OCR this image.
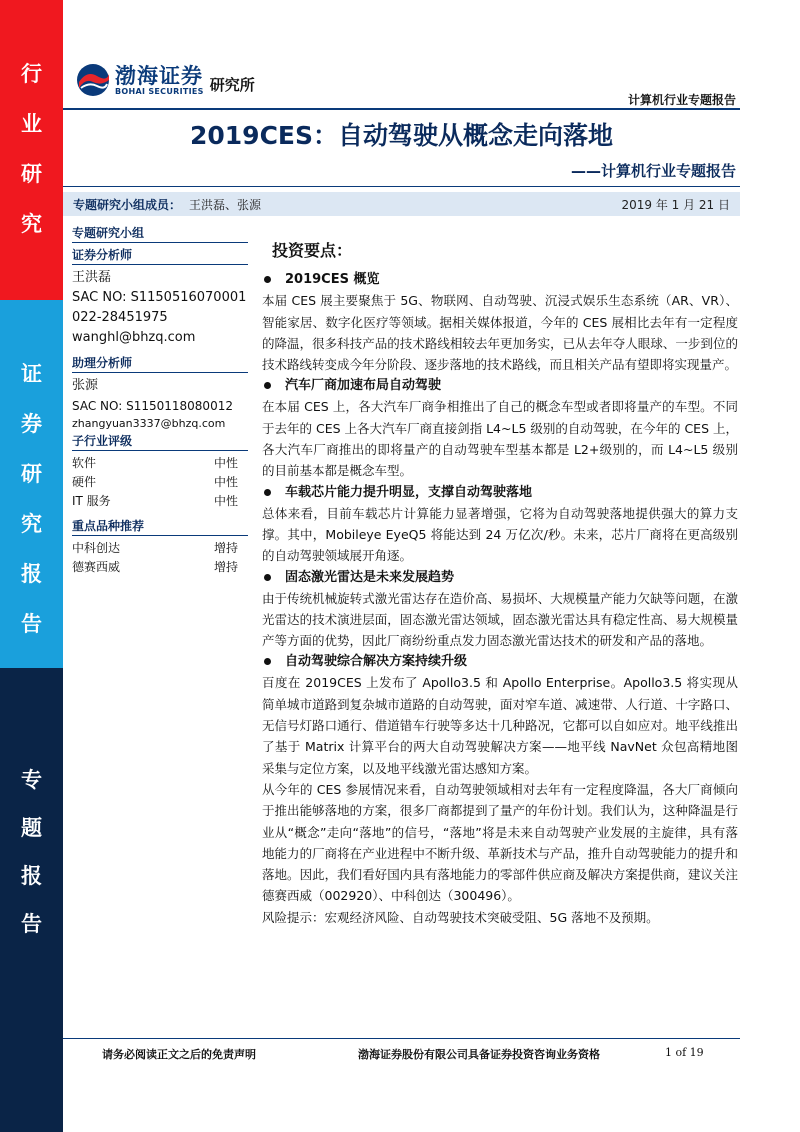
行
业
研
究
证
券
研
究
报
告
专
题
报
告
渤海证券
BOHAI SECURITIES 研究所
计算机行业专题报告
2019CES：自动驾驶从概念走向落地
——计算机行业专题报告
专题研究小组成员： 王洪磊、张源	2019 年 1 月 21 日
专题研究小组
证券分析师
王洪磊
SAC NO: S1150516070001
022-28451975
wanghl@bhzq.com
助理分析师
张源
SAC NO: S1150118080012
zhangyuan3337@bhzq.com
子行业评级
软件	中性
硬件	中性
IT 服务	中性
重点品种推荐
中科创达	增持
德赛西威	增持
投资要点：
2019CES 概览
本届 CES 展主要聚焦于 5G、物联网、自动驾驶、沉浸式娱乐生态系统（AR、VR）、智能家居、数字化医疗等领域。据相关媒体报道，今年的 CES 展相比去年有一定程度的降温，很多科技产品的技术路线相较去年更加务实，已从去年夺人眼球、一步到位的技术路线转变成今年分阶段、逐步落地的技术路线，而且相关产品有望即将实现量产。
汽车厂商加速布局自动驾驶
在本届 CES 上，各大汽车厂商争相推出了自己的概念车型或者即将量产的车型。不同于去年的 CES 上各大汽车厂商直接剑指 L4~L5 级别的自动驾驶，在今年的 CES 上，各大汽车厂商推出的即将量产的自动驾驶车型基本都是 L2+级别的，而 L4~L5 级别的目前基本都是概念车型。
车载芯片能力提升明显，支撑自动驾驶落地
总体来看，目前车载芯片计算能力显著增强，它将为自动驾驶落地提供强大的算力支撑。其中，Mobileye EyeQ5 将能达到 24 万亿次/秒。未来，芯片厂商将在更高级别的自动驾驶领域展开角逐。
固态激光雷达是未来发展趋势
由于传统机械旋转式激光雷达存在造价高、易损坏、大规模量产能力欠缺等问题，在激光雷达的技术演进层面，固态激光雷达领域，固态激光雷达具有稳定性高、易大规模量产等方面的优势，因此厂商纷纷重点发力固态激光雷达技术的研发和产品的落地。
自动驾驶综合解决方案持续升级
百度在 2019CES 上发布了 Apollo3.5 和 Apollo Enterprise。Apollo3.5 将实现从简单城市道路到复杂城市道路的自动驾驶，面对窄车道、减速带、人行道、十字路口、无信号灯路口通行、借道错车行驶等多达十几种路况，它都可以自如应对。地平线推出了基于 Matrix 计算平台的两大自动驾驶解决方案——地平线 NavNet 众包高精地图采集与定位方案，以及地平线激光雷达感知方案。
从今年的 CES 参展情况来看，自动驾驶领域相对去年有一定程度降温，各大厂商倾向于推出能够落地的方案，很多厂商都提到了量产的年份计划。我们认为，这种降温是行业从“概念”走向“落地”的信号，“落地”将是未来自动驾驶产业发展的主旋律，具有落地能力的厂商将在产业进程中不断升级、革新技术与产品，推升自动驾驶能力的提升和落地。因此，我们看好国内具有落地能力的零部件供应商及解决方案提供商，建议关注德赛西威（002920）、中科创达（300496）。
风险提示：宏观经济风险、自动驾驶技术突破受阻、5G 落地不及预期。
请务必阅读正文之后的免责声明	渤海证券股份有限公司具备证券投资咨询业务资格	1 of 19
